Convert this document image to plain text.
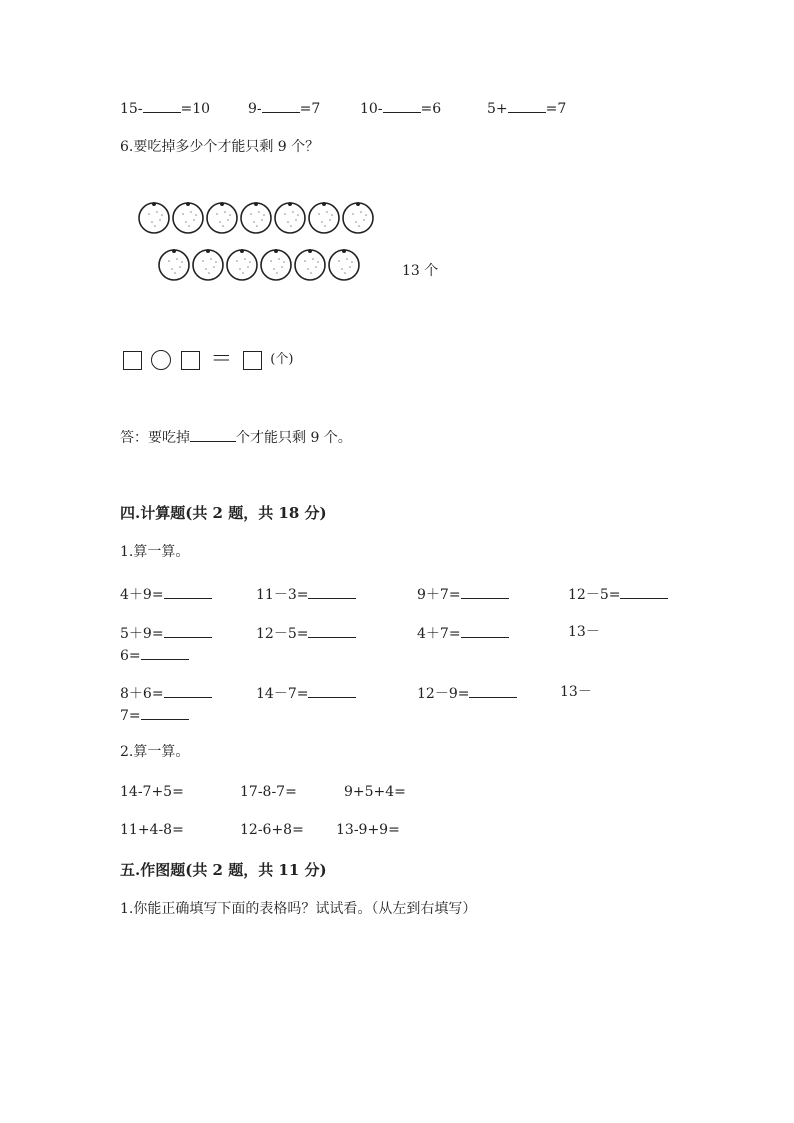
15-	=10	9-	=7	10-	=6	5+	=7
6.要吃掉多少个才能只剩 9 个？
13 个
＝	(个)
答：要吃掉	个才能只剩 9 个。
四.计算题(共 2 题，共 18 分)
1.算一算。
4＋9=	11－3=	9＋7=	12－5=
5＋9=	12－5=	4＋7=	13－
6=
8＋6=	14－7=	12－9=	13－
7=
2.算一算。
14-7+5=	17-8-7=	9+5+4=
11+4-8=	12-6+8= 13-9+9=
五.作图题(共 2 题，共 11 分)
1.你能正确填写下面的表格吗？试试看。（从左到右填写）
